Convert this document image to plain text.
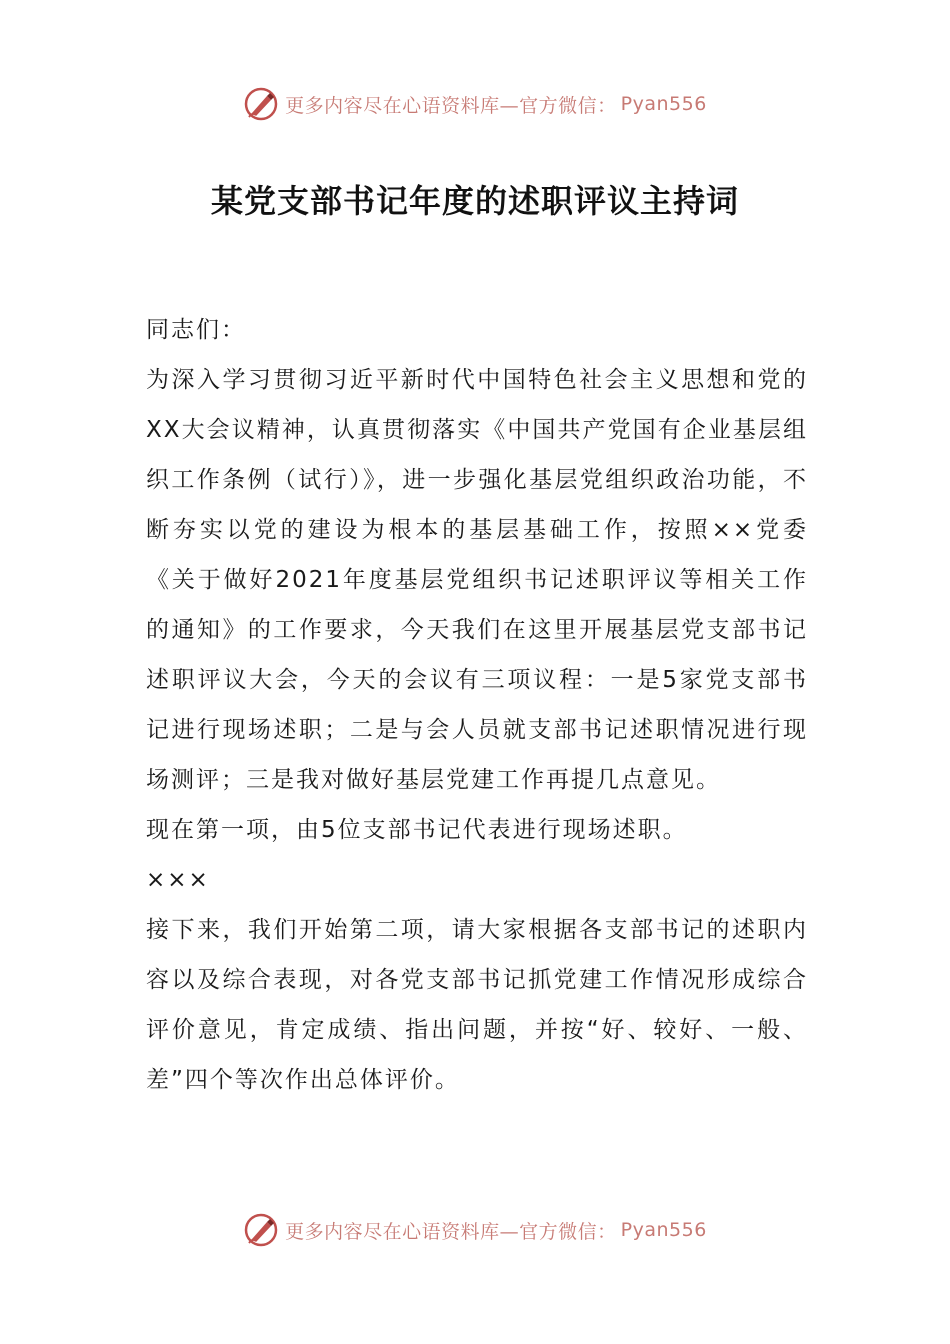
更多内容尽在心语资料库—官方微信： Pyan556
某党支部书记年度的述职评议主持词

同志们：

为深入学习贯彻习近平新时代中国特色社会主义思想和党的XX大会议精神，认真贯彻落实《中国共产党国有企业基层组织工作条例（试行）》，进一步强化基层党组织政治功能，不断夯实以党的建设为根本的基层基础工作，按照××党委《关于做好2021年度基层党组织书记述职评议等相关工作的通知》的工作要求，今天我们在这里开展基层党支部书记述职评议大会，今天的会议有三项议程：一是5家党支部书记进行现场述职；二是与会人员就支部书记述职情况进行现场测评；三是我对做好基层党建工作再提几点意见。

现在第一项，由5位支部书记代表进行现场述职。

×××

接下来，我们开始第二项，请大家根据各支部书记的述职内容以及综合表现，对各党支部书记抓党建工作情况形成综合评价意见，肯定成绩、指出问题，并按“好、较好、一般、差”四个等次作出总体评价。

更多内容尽在心语资料库—官方微信： Pyan556
